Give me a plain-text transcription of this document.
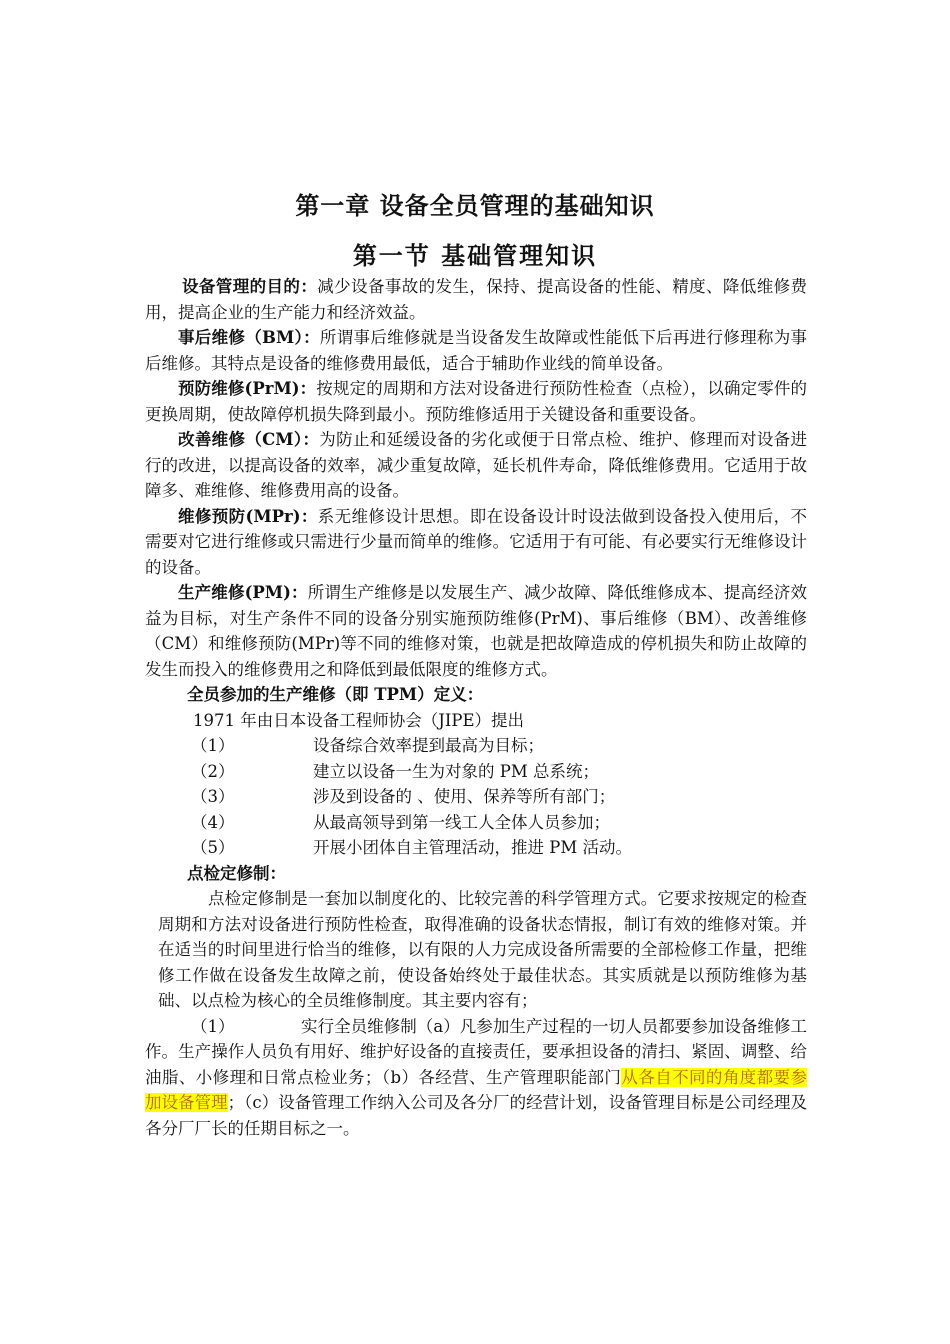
第一章 设备全员管理的基础知识
第一节 基础管理知识

设备管理的目的：减少设备事故的发生，保持、提高设备的性能、精度、降低维修费用，提高企业的生产能力和经济效益。

事后维修（BM）：所谓事后维修就是当设备发生故障或性能低下后再进行修理称为事后维修。其特点是设备的维修费用最低，适合于辅助作业线的简单设备。

预防维修(PrM)：按规定的周期和方法对设备进行预防性检查（点检），以确定零件的更换周期，使故障停机损失降到最小。预防维修适用于关键设备和重要设备。

改善维修（CM）：为防止和延缓设备的劣化或便于日常点检、维护、修理而对设备进行的改进，以提高设备的效率，减少重复故障，延长机件寿命，降低维修费用。它适用于故障多、难维修、维修费用高的设备。

维修预防(MPr)：系无维修设计思想。即在设备设计时设法做到设备投入使用后，不需要对它进行维修或只需进行少量而简单的维修。它适用于有可能、有必要实行无维修设计的设备。

生产维修(PM)：所谓生产维修是以发展生产、减少故障、降低维修成本、提高经济效益为目标，对生产条件不同的设备分别实施预防维修(PrM)、事后维修（BM）、改善维修（CM）和维修预防(MPr)等不同的维修对策，也就是把故障造成的停机损失和防止故障的发生而投入的维修费用之和降低到最低限度的维修方式。

全员参加的生产维修（即 TPM）定义：

1971 年由日本设备工程师协会（JIPE）提出

（1）	设备综合效率提到最高为目标；
（2）	建立以设备一生为对象的 PM 总系统；
（3）	涉及到设备的 、使用、保养等所有部门；
（4）	从最高领导到第一线工人全体人员参加；
（5）	开展小团体自主管理活动，推进 PM 活动。

点检定修制：

点检定修制是一套加以制度化的、比较完善的科学管理方式。它要求按规定的检查周期和方法对设备进行预防性检查，取得准确的设备状态情报，制订有效的维修对策。并在适当的时间里进行恰当的维修，以有限的人力完成设备所需要的全部检修工作量，把维修工作做在设备发生故障之前，使设备始终处于最佳状态。其实质就是以预防维修为基础、以点检为核心的全员维修制度。其主要内容有；

（1）	实行全员维修制（a）凡参加生产过程的一切人员都要参加设备维修工作。生产操作人员负有用好、维护好设备的直接责任，要承担设备的清扫、紧固、调整、给油脂、小修理和日常点检业务；（b）各经营、生产管理职能部门从各自不同的角度都要参加设备管理；（c）设备管理工作纳入公司及各分厂的经营计划，设备管理目标是公司经理及各分厂厂长的任期目标之一。
